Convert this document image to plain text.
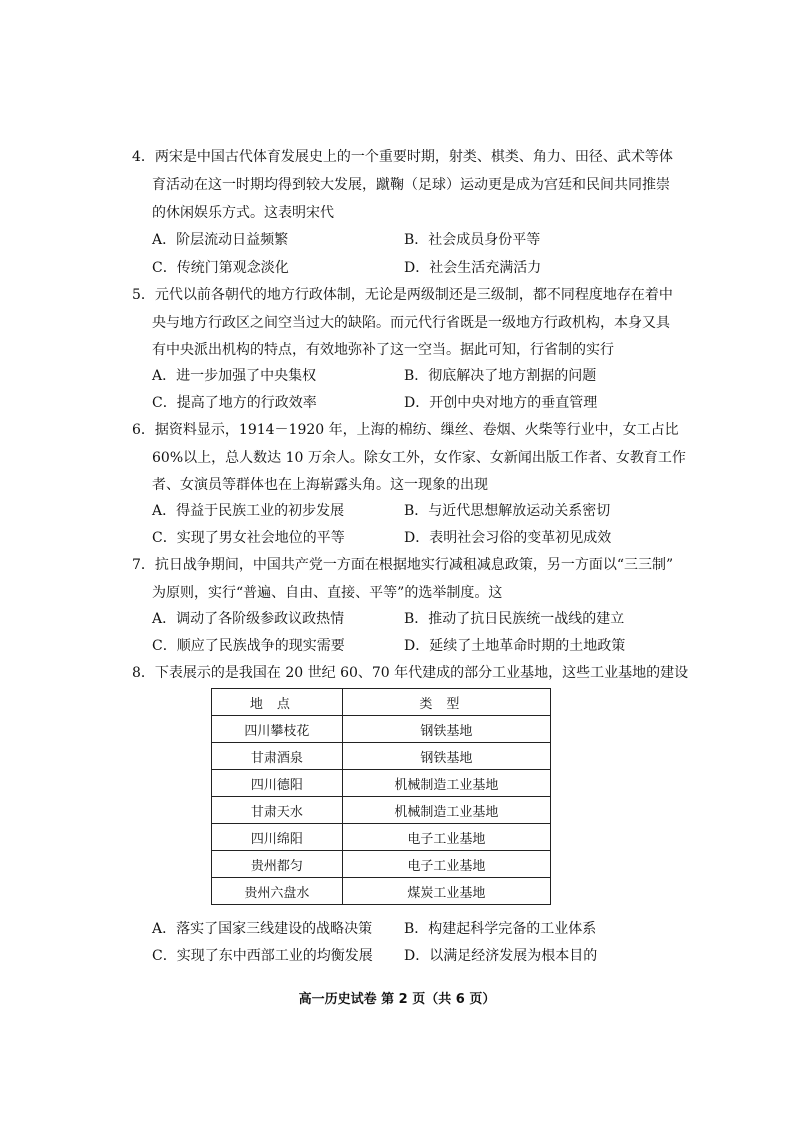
4．两宋是中国古代体育发展史上的一个重要时期，射类、棋类、角力、田径、武术等体
育活动在这一时期均得到较大发展，蹴鞠（足球）运动更是成为宫廷和民间共同推崇
的休闲娱乐方式。这表明宋代
A．阶层流动日益频繁	B．社会成员身份平等
C．传统门第观念淡化	D．社会生活充满活力
5．元代以前各朝代的地方行政体制，无论是两级制还是三级制，都不同程度地存在着中
央与地方行政区之间空当过大的缺陷。而元代行省既是一级地方行政机构，本身又具
有中央派出机构的特点，有效地弥补了这一空当。据此可知，行省制的实行
A．进一步加强了中央集权	B．彻底解决了地方割据的问题
C．提高了地方的行政效率	D．开创中央对地方的垂直管理
6．据资料显示，1914－1920 年，上海的棉纺、缫丝、卷烟、火柴等行业中，女工占比
60%以上，总人数达 10 万余人。除女工外，女作家、女新闻出版工作者、女教育工作
者、女演员等群体也在上海崭露头角。这一现象的出现
A．得益于民族工业的初步发展	B．与近代思想解放运动关系密切
C．实现了男女社会地位的平等	D．表明社会习俗的变革初见成效
7．抗日战争期间，中国共产党一方面在根据地实行减租减息政策，另一方面以“三三制”
为原则，实行“普遍、自由、直接、平等”的选举制度。这
A．调动了各阶级参政议政热情	B．推动了抗日民族统一战线的建立
C．顺应了民族战争的现实需要	D．延续了土地革命时期的土地政策
8．下表展示的是我国在 20 世纪 60、70 年代建成的部分工业基地，这些工业基地的建设
地点	类型
四川攀枝花	钢铁基地
甘肃酒泉	钢铁基地
四川德阳	机械制造工业基地
甘肃天水	机械制造工业基地
四川绵阳	电子工业基地
贵州都匀	电子工业基地
贵州六盘水	煤炭工业基地
A．落实了国家三线建设的战略决策 B．构建起科学完备的工业体系
C．实现了东中西部工业的均衡发展 D．以满足经济发展为根本目的
高一历史试卷 第 2 页（共 6 页）
